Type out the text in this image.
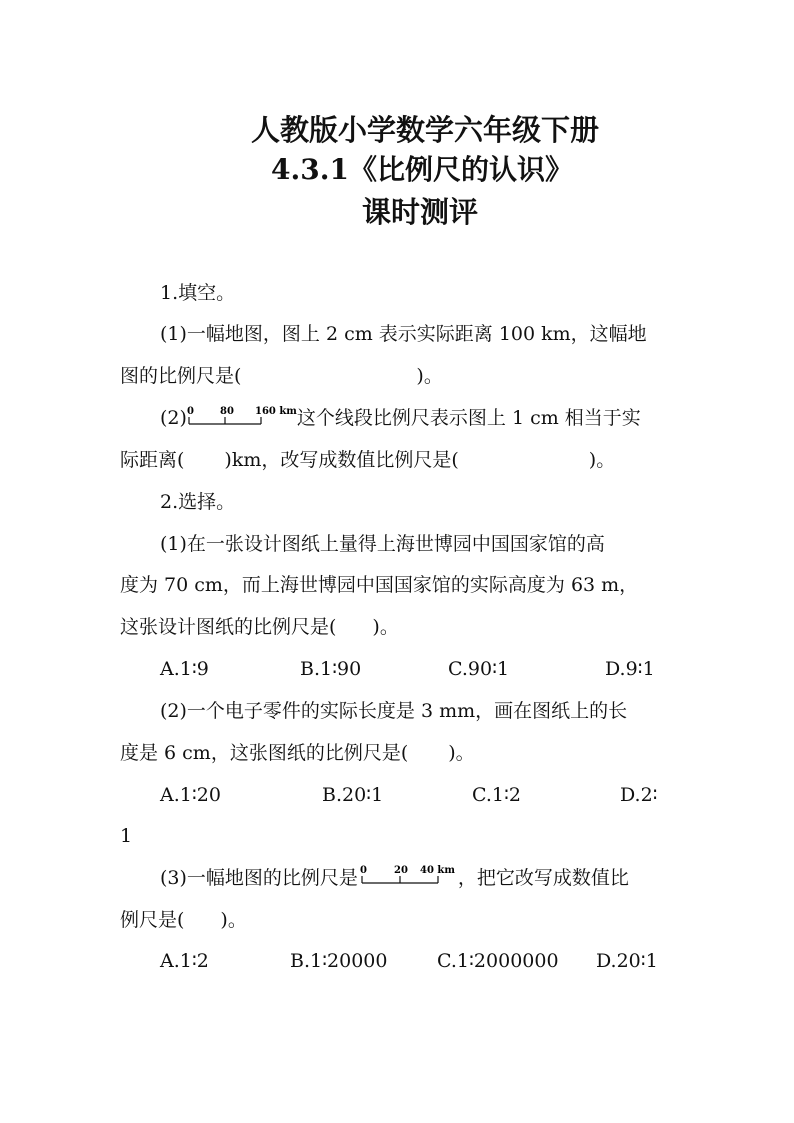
人教版小学数学六年级下册
4.3.1《比例尺的认识》
课时测评
1.填空。
(1)一幅地图，图上 2 cm 表示实际距离 100 km，这幅地
图的比例尺是(	)。
(2) 0	80 160 km 这个线段比例尺表示图上 1 cm 相当于实
际距离( )km，改写成数值比例尺是(	)。
2.选择。
(1)在一张设计图纸上量得上海世博园中国国家馆的高
度为 70 cm，而上海世博园中国国家馆的实际高度为 63 m，
这张设计图纸的比例尺是( )。
A.1∶9	B.1∶90	C.90∶1	D.9∶1
(2)一个电子零件的实际长度是 3 mm，画在图纸上的长
度是 6 cm，这张图纸的比例尺是( )。
A.1∶20	B.20∶1	C.1∶2	D.2∶
1
(3)一幅地图的比例尺是 0	20 40 km ，把它改写成数值比
例尺是( )。
A.1∶2	B.1∶20000	C.1∶2000000 D.20∶1
